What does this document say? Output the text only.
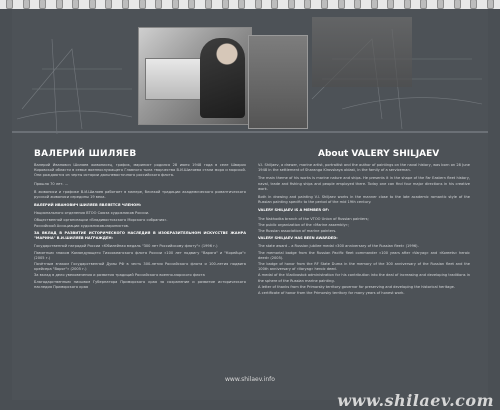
ВАЛЕРИЙ ШИЛЯЕВ	About VALERY SHILJAEV

Валерий Иванович Шиляев живописец, график, маринист родился 28 июня 1948 года в селе Шварих Кировской области в семье военнослужащего Главного тыла творчества В.И.Шиляева стали моря и морской. Они рождаются из черты истории дальневосточного российского флота.

Прошло 70 лет. ...

В живописи и графике В.И.Шиляев работает в манере, близкой традиции академического романтического русской живописи середины 19 века.

ВАЛЕРИЙ ИВАНОВИЧ ШИЛЯЕВ ЯВЛЯЕТСЯ ЧЛЕНОМ:

Национального отделения ВТОО Союза художников России.

Общественной организации «Владивостокского Морского собрания».

Российской Ассоциации художников-маринистов.

ЗА ВКЛАД В РАЗВИТИЕ ИСТОРИЧЕСКОГО НАСЛЕДИЯ В ИЗОБРАЗИТЕЛЬНОМ ИСКУССТВЕ ЖАНРА "МАРИНА" В.И.ШИЛЯЕВ НАГРАЖДЕН:

Государственной наградой России «Юбилейная медаль "300 лет Российскому флоту"» (1996 г.)

Памятным знаком Командующего Тихоокеанского флота России «100 лет подвигу "Варяга" и "Корейца"» (2005 г.)

Почётным знаком Государственной Думы РФ в честь 300-летия Российского флота и 100-летия подвига крейсера "Варяг"» (2005 г.)

За вклад в дело увековечения и развития традиций Российского военно-морского флота

Благодарственным письмом Губернатора Приморского края за сохранение и развитие исторического наследия Приморского края

V.I. Shiljaev, a drawer, marine artist, portraitist and the author of paintings on the naval history, was born on 28 June 1948 in the settlement of Sharanga Kirovskaya oblast, in the family of a serviceman.

The main theme of his works is marine nature and ships. He presents it in the shape of the Far Eastern fleet history, naval, trade and fishing ships and people employed there. Today one can find four major directions in his creative work.

Both in drawing and painting V.I. Shiljaev works in the manner close to the late academic romantic style of the Russian painting specific to the period of the mid 19th century.

VALERY SHILJAEV IS A MEMBER OF:

The Nakhodka branch of the VTOO Union of Russian painters;

The public organization of the «Marine assembly»;

The Russian association of marine painters.

VALERY SHILJAEV HAS BEEN AWARDED:

The state award – a Russian jubilee medal «300 anniversary of the Russian fleet» (1996).

The memorial badge from the Russian Pacific fleet commander «100 years after «Varyag» and «Koreets» heroic deed» (2005).

The badge of honor from the RF State Duma in the memory of the 300 anniversary of the Russian fleet and the 100th anniversary of «Varyag» heroic deed.

A medal of the Vladivostok administration for his contribution into the deal of increasing and developing traditions in the sphere of the Russian marine painting.

A letter of thanks from the Primorsky territory governor for preserving and developing the historical heritage.

A certificate of honor from the Primorsky territory for many years of honest work.

www.shilaev.info
www.shilaev.com
